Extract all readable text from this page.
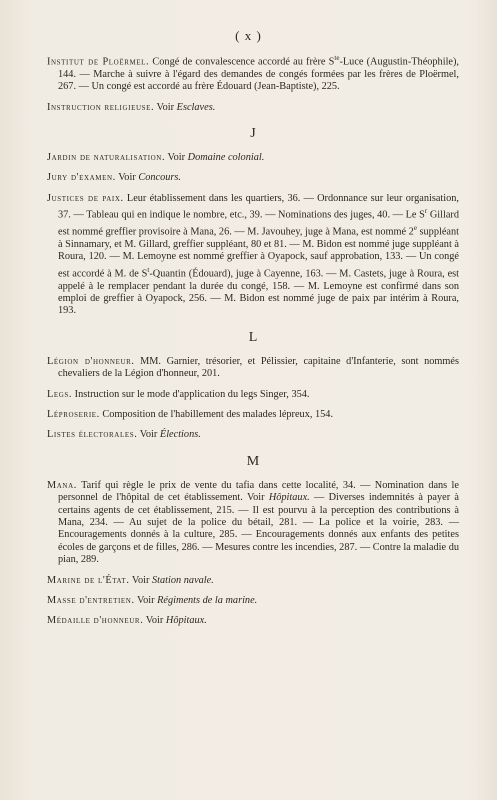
( x )

Institut de Ploërmel. Congé de convalescence accordé au frère $S^{te}$-Luce (Augustin-Théophile), 144. — Marche à suivre à l'égard des demandes de congés formées par les frères de Ploërmel, 267. — Un congé est accordé au frère Édouard (Jean-Baptiste), 225.

Instruction religieuse. Voir Esclaves.

J

Jardin de naturalisation. Voir Domaine colonial.

Jury d'examen. Voir Concours.

Justices de paix. Leur établissement dans les quartiers, 36. — Ordonnance sur leur organisation, 37. — Tableau qui en indique le nombre, etc., 39. — Nominations des juges, 40. — Le $S^r$ Gillard est nommé greffier provisoire à Mana, 26. — M. Javouhey, juge à Mana, est nommé 2e suppléant à Sinnamary, et M. Gillard, greffier suppléant, 80 et 81. — M. Bidon est nommé juge suppléant à Roura, 120. — M. Lemoyne est nommé greffier à Oyapock, sauf approbation, 133. — Un congé est accordé à M. de $S^t$-Quantin (Édouard), juge à Cayenne, 163. — M. Castets, juge à Roura, est appelé à le remplacer pendant la durée du congé, 158. — M. Lemoyne est confirmé dans son emploi de greffier à Oyapock, 256. — M. Bidon est nommé juge de paix par intérim à Roura, 193.

L

Légion d'honneur. MM. Garnier, trésorier, et Pélissier, capitaine d'Infanterie, sont nommés chevaliers de la Légion d'honneur, 201.

Legs. Instruction sur le mode d'application du legs Singer, 354.

Léproserie. Composition de l'habillement des malades lépreux, 154.

Listes électorales. Voir Élections.

M

Mana. Tarif qui règle le prix de vente du tafia dans cette localité, 34. — Nomination dans le personnel de l'hôpital de cet établissement. Voir Hôpitaux. — Diverses indemnités à payer à certains agents de cet établissement, 215. — Il est pourvu à la perception des contributions à Mana, 234. — Au sujet de la police du bétail, 281. — La police et la voirie, 283. — Encouragements donnés à la culture, 285. — Encouragements donnés aux enfants des petites écoles de garçons et de filles, 286. — Mesures contre les incendies, 287. — Contre la maladie du pian, 289.

Marine de l'État. Voir Station navale.

Masse d'entretien. Voir Régiments de la marine.

Médaille d'honneur. Voir Hôpitaux.
